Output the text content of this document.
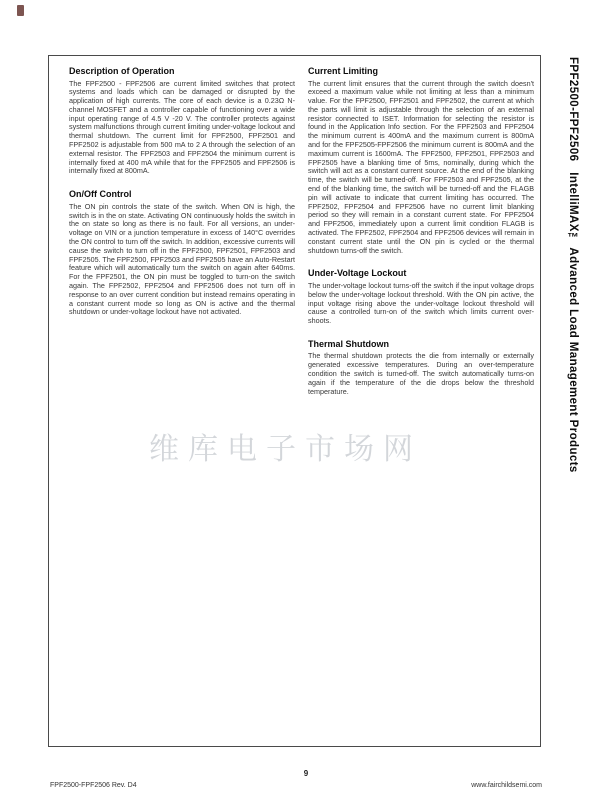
FPF2500-FPF2506   IntelliMAX™ Advanced Load Management Products
Description of Operation

The FPF2500 - FPF2506 are current limited switches that protect systems and loads which can be damaged or disrupted by the application of high currents. The core of each device is a 0.23Ω N-channel MOSFET and a controller capable of functioning over a wide input operating range of 4.5 V -20 V. The controller protects against system malfunctions through current limiting under-voltage lockout and thermal shutdown. The current limit for FPF2500, FPF2501 and FPF2502 is adjustable from 500 mA to 2 A through the selection of an external resistor. The FPF2503 and FPF2504 the minimum current is internally fixed at 400 mA while that for the FPF2505 and FPF2506 is internally fixed at 800mA.

On/Off Control

The ON pin controls the state of the switch. When ON is high, the switch is in the on state. Activating ON continuously holds the switch in the on state so long as there is no fault. For all versions, an under-voltage on VIN or a junction temperature in excess of 140°C overrides the ON control to turn off the switch. In addition, excessive currents will cause the switch to turn off in the FPF2500, FPF2501, FPF2503 and FPF2505. The FPF2500, FPF2503 and FPF2505 have an Auto-Restart feature which will automatically turn the switch on again after 640ms. For the FPF2501, the ON pin must be toggled to turn-on the switch again. The FPF2502, FPF2504 and FPF2506 does not turn off in response to an over current condition but instead remains operating in a constant current mode so long as ON is active and the thermal shutdown or under-voltage lockout have not activated.

Current Limiting

The current limit ensures that the current through the switch doesn't exceed a maximum value while not limiting at less than a minimum value. For the FPF2500, FPF2501 and FPF2502, the current at which the parts will limit is adjustable through the selection of an external resistor connected to ISET. Information for selecting the resistor is found in the Application Info section. For the FPF2503 and FPF2504 the minimum current is 400mA and the maximum current is 800mA and for the FPF2505-FPF2506 the minimum current is 800mA and the maximum current is 1600mA. The FPF2500, FPF2501, FPF2503 and FPF2505 have a blanking time of 5ms, nominally, during which the switch will act as a constant current source. At the end of the blanking time, the switch will be turned-off. For FPF2503 and FPF2505, at the end of the blanking time, the switch will be turned-off and the FLAGB pin will activate to indicate that current limiting has occurred. The FPF2502, FPF2504 and FPF2506 have no current limit blanking period so they will remain in a constant current state. For FPF2504 and FPF2506, immediately upon a current limit condition FLAGB is activated. The FPF2502, FPF2504 and FPF2506 devices will remain in constant current state until the ON pin is cycled or the thermal shutdown turns-off the switch.

Under-Voltage Lockout

The under-voltage lockout turns-off the switch if the input voltage drops below the under-voltage lockout threshold. With the ON pin active, the input voltage rising above the under-voltage lockout threshold will cause a controlled turn-on of the switch which limits current over-shoots.

Thermal Shutdown

The thermal shutdown protects the die from internally or externally generated excessive temperatures. During an over-temperature condition the switch is turned-off. The switch automatically turns-on again if the temperature of the die drops below the threshold temperature.

维库电子市场网
9
FPF2500-FPF2506 Rev. D4	www.fairchildsemi.com
